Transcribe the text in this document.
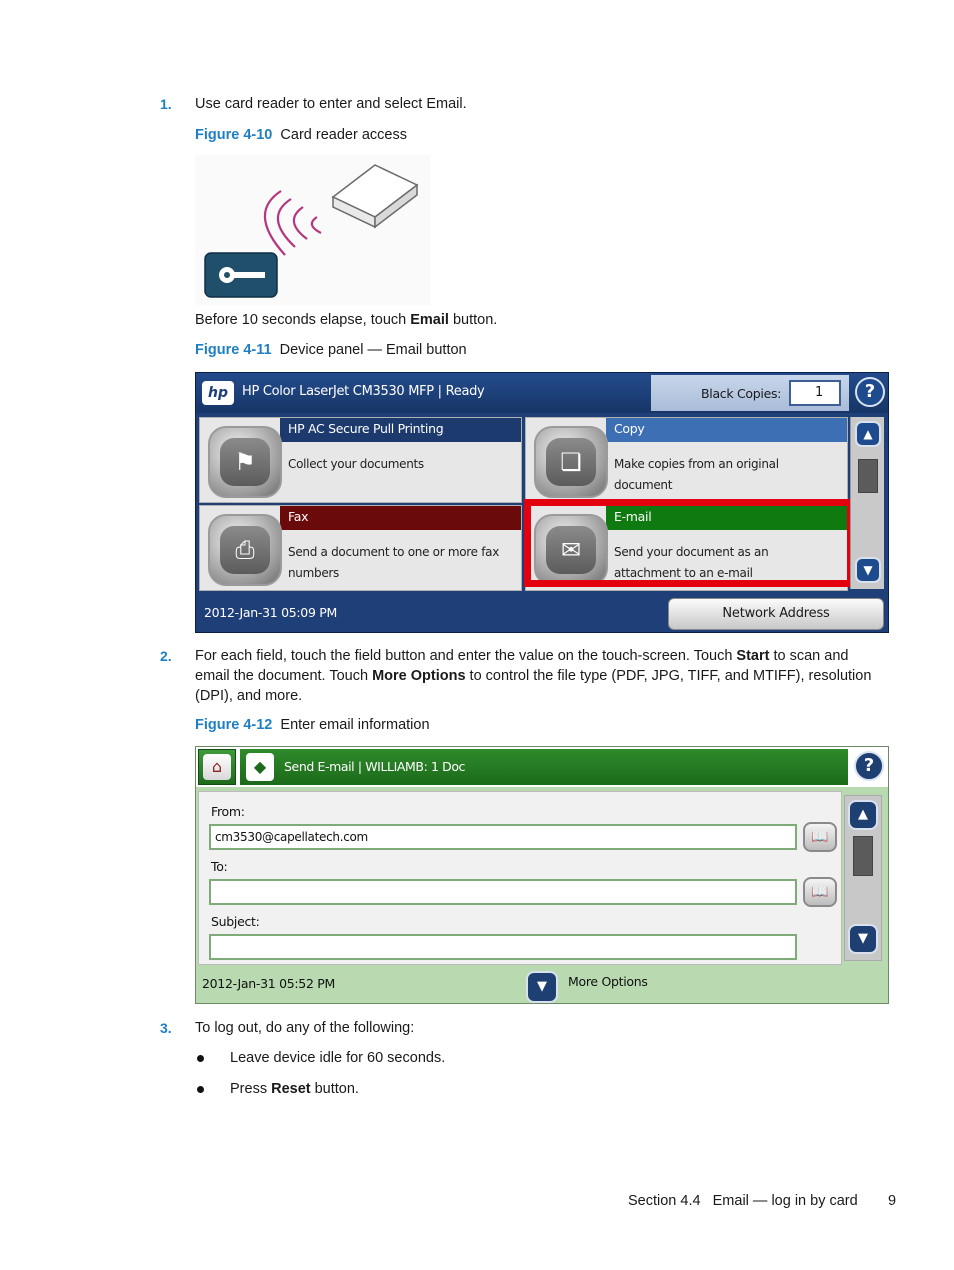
1. Use card reader to enter and select Email.
Figure 4-10 Card reader access
Before 10 seconds elapse, touch Email button.
Figure 4-11 Device panel — Email button
hp	HP Color LaserJet CM3530 MFP | Ready	Black Copies:	1	?
HP AC Secure Pull Printing
Collect your documents
⚑
Copy
Make copies from an original document
❏
Fax
Send a document to one or more fax numbers
⎙
E-mail
Send your document as an attachment to an e-mail
✉
▲
▼
2012-Jan-31 05:09 PM	Network Address
2. For each field, touch the field button and enter the value on the touch-screen. Touch Start to scan and email the document. Touch More Options to control the file type (PDF, JPG, TIFF, and MTIFF), resolution (DPI), and more.
Figure 4-12 Enter email information
⌂	◆	Send E-mail | WILLIAMB: 1 Doc	?
From:
cm3530@capellatech.com	📖
To:
📖
Subject:
▲
▼
2012-Jan-31 05:52 PM	▼	More Options
3. To log out, do any of the following:
Leave device idle for 60 seconds.
Press Reset button.
Section 4.4   Email — log in by card 9
